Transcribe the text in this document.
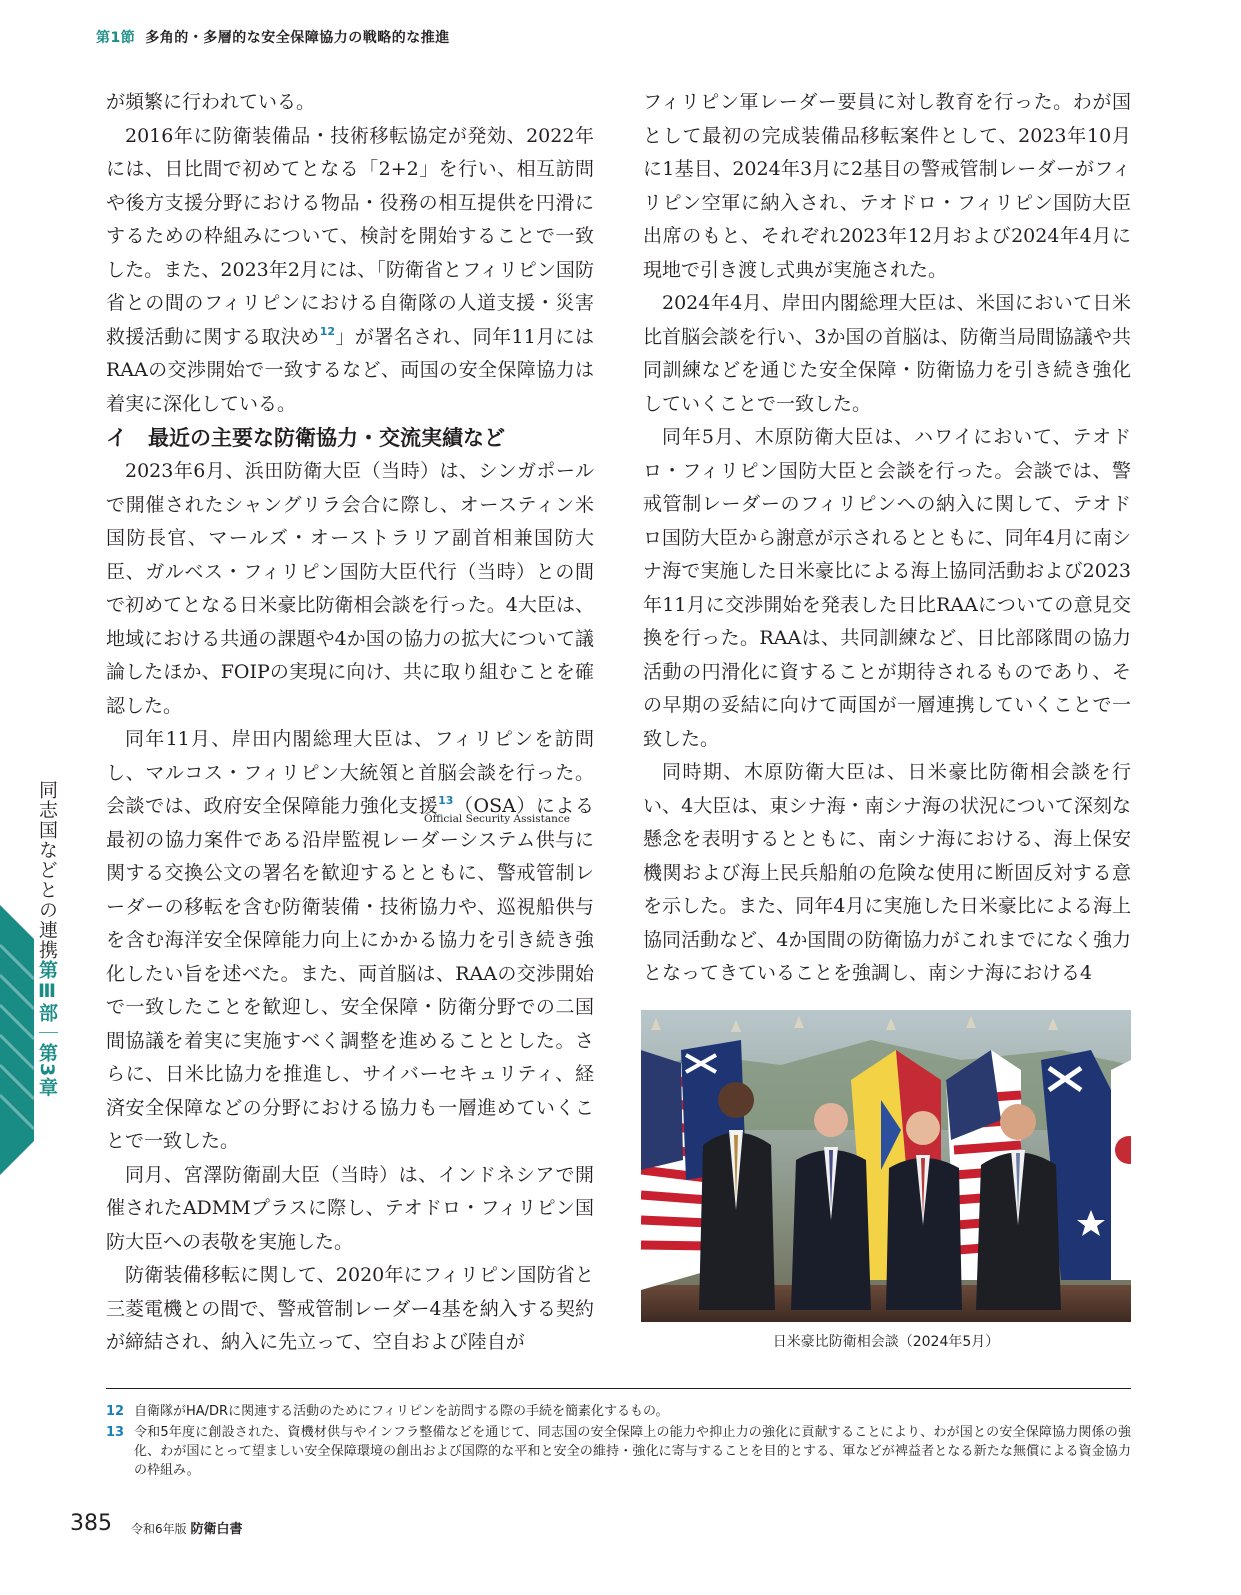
第1節 多角的・多層的な安全保障協力の戦略的な推進

が頻繁に行われている。

2016年に防衛装備品・技術移転協定が発効、2022年には、日比間で初めてとなる「2+2」を行い、相互訪問や後方支援分野における物品・役務の相互提供を円滑にするための枠組みについて、検討を開始することで一致した。また、2023年2月には、「防衛省とフィリピン国防省との間のフィリピンにおける自衛隊の人道支援・災害救援活動に関する取決め$^{12}$」が署名され、同年11月にはRAAの交渉開始で一致するなど、両国の安全保障協力は着実に深化している。

イ　最近の主要な防衛協力・交流実績など

2023年6月、浜田防衛大臣（当時）は、シンガポールで開催されたシャングリラ会合に際し、オースティン米国防長官、マールズ・オーストラリア副首相兼国防大臣、ガルベス・フィリピン国防大臣代行（当時）との間で初めてとなる日米豪比防衛相会談を行った。4大臣は、地域における共通の課題や4か国の協力の拡大について議論したほか、FOIPの実現に向け、共に取り組むことを確認した。

同年11月、岸田内閣総理大臣は、フィリピンを訪問し、マルコス・フィリピン大統領と首脳会談を行った。会談では、政府安全保障能力強化支援$^{13}$（OSA）による最初の協力案件である沿岸監視レーダーシステム供与に関する交換公文の署名を歓迎するとともに、警戒管制レーダーの移転を含む防衛装備・技術協力や、巡視船供与を含む海洋安全保障能力向上にかかる協力を引き続き強化したい旨を述べた。また、両首脳は、RAAの交渉開始で一致したことを歓迎し、安全保障・防衛分野での二国間協議を着実に実施すべく調整を進めることとした。さらに、日米比協力を推進し、サイバーセキュリティ、経済安全保障などの分野における協力も一層進めていくことで一致した。

同月、宮澤防衛副大臣（当時）は、インドネシアで開催されたADMMプラスに際し、テオドロ・フィリピン国防大臣への表敬を実施した。

防衛装備移転に関して、2020年にフィリピン国防省と三菱電機との間で、警戒管制レーダー4基を納入する契約が締結され、納入に先立って、空自および陸自が

Official Security Assistance

フィリピン軍レーダー要員に対し教育を行った。わが国として最初の完成装備品移転案件として、2023年10月に1基目、2024年3月に2基目の警戒管制レーダーがフィリピン空軍に納入され、テオドロ・フィリピン国防大臣出席のもと、それぞれ2023年12月および2024年4月に現地で引き渡し式典が実施された。

2024年4月、岸田内閣総理大臣は、米国において日米比首脳会談を行い、3か国の首脳は、防衛当局間協議や共同訓練などを通じた安全保障・防衛協力を引き続き強化していくことで一致した。

同年5月、木原防衛大臣は、ハワイにおいて、テオドロ・フィリピン国防大臣と会談を行った。会談では、警戒管制レーダーのフィリピンへの納入に関して、テオドロ国防大臣から謝意が示されるとともに、同年4月に南シナ海で実施した日米豪比による海上協同活動および2023年11月に交渉開始を発表した日比RAAについての意見交換を行った。RAAは、共同訓練など、日比部隊間の協力活動の円滑化に資することが期待されるものであり、その早期の妥結に向けて両国が一層連携していくことで一致した。

同時期、木原防衛大臣は、日米豪比防衛相会談を行い、4大臣は、東シナ海・南シナ海の状況について深刻な懸念を表明するとともに、南シナ海における、海上保安機関および海上民兵船舶の危険な使用に断固反対する意を示した。また、同年4月に実施した日米豪比による海上協同活動など、4か国間の防衛協力がこれまでになく強力となってきていることを強調し、南シナ海における4

日米豪比防衛相会談（2024年5月）
同志国などとの連携第Ⅲ部｜第3章
12 自衛隊がHA/DRに関連する活動のためにフィリピンを訪問する際の手続を簡素化するもの。
13 令和5年度に創設された、資機材供与やインフラ整備などを通じて、同志国の安全保障上の能力や抑止力の強化に貢献することにより、わが国との安全保障協力関係の強化、わが国にとって望ましい安全保障環境の創出および国際的な平和と安全の維持・強化に寄与することを目的とする、軍などが裨益者となる新たな無償による資金協力の枠組み。
385 令和6年版 防衛白書
